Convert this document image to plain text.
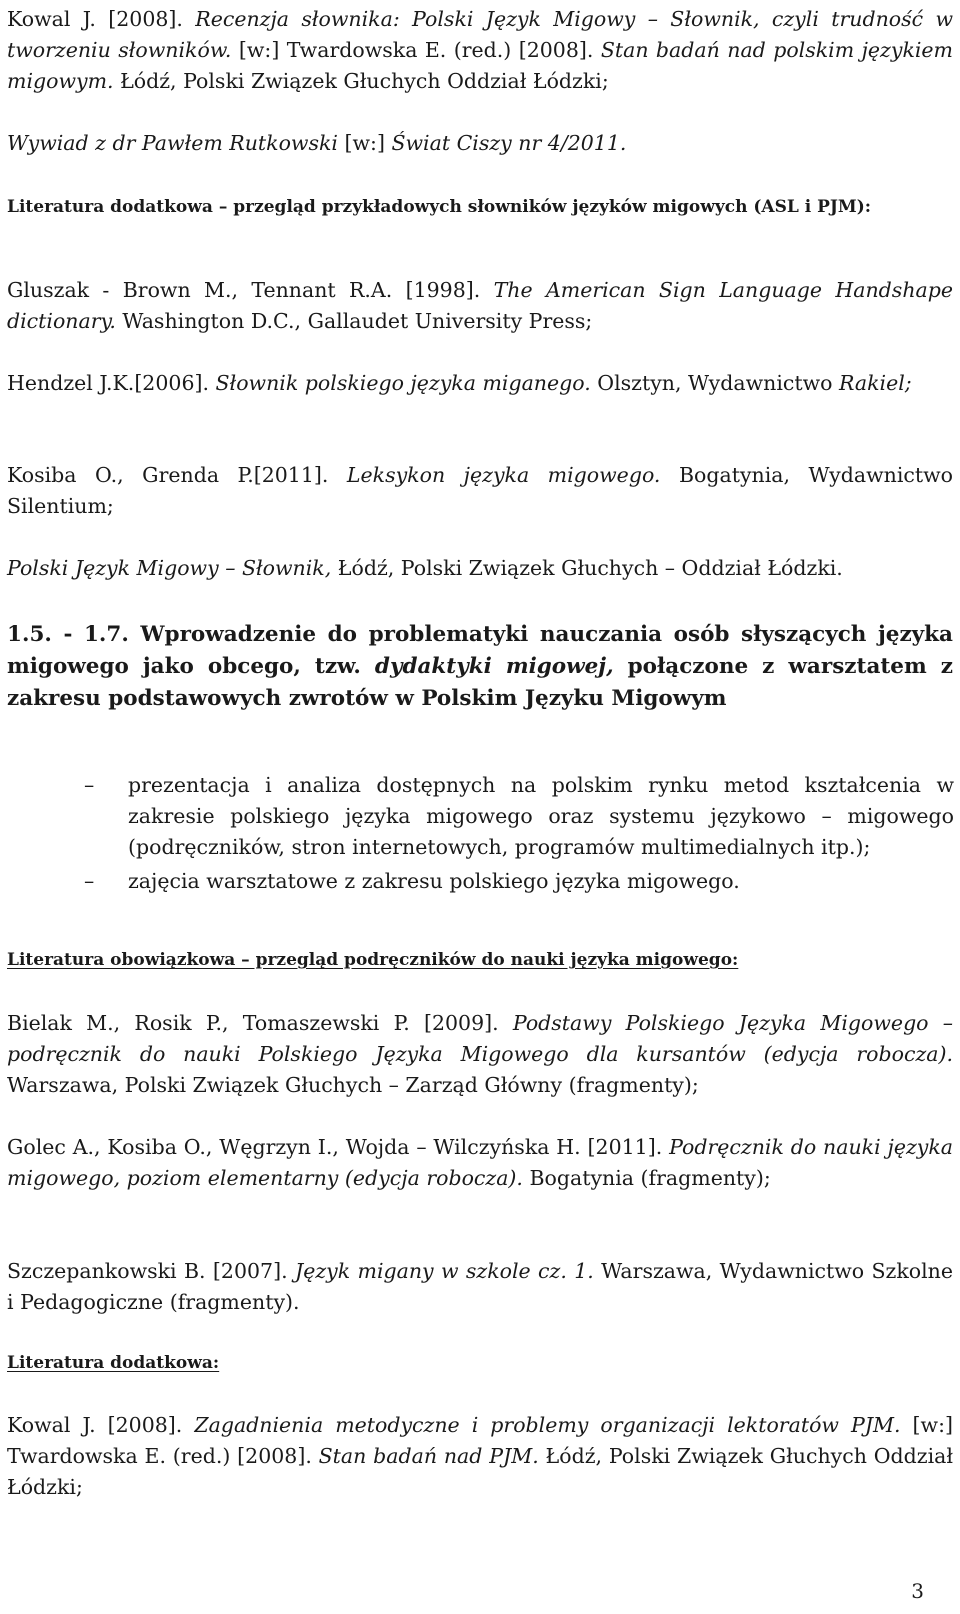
Kowal J. [2008]. Recenzja słownika: Polski Język Migowy – Słownik, czyli trudność w tworzeniu słowników. [w:] Twardowska E. (red.) [2008]. Stan badań nad polskim językiem migowym. Łódź, Polski Związek Głuchych Oddział Łódzki;

Wywiad z dr Pawłem Rutkowski [w:] Świat Ciszy nr 4/2011.

Literatura dodatkowa – przegląd przykładowych słowników języków migowych (ASL i PJM):

Gluszak - Brown M., Tennant R.A. [1998]. The American Sign Language Handshape dictionary. Washington D.C., Gallaudet University Press;

Hendzel J.K.[2006]. Słownik polskiego języka miganego. Olsztyn, Wydawnictwo Rakiel;

Kosiba O., Grenda P.[2011]. Leksykon języka migowego. Bogatynia, Wydawnictwo Silentium;

Polski Język Migowy – Słownik, Łódź, Polski Związek Głuchych – Oddział Łódzki.

1.5. - 1.7. Wprowadzenie do problematyki nauczania osób słyszących języka migowego jako obcego, tzw. dydaktyki migowej, połączone z warsztatem z zakresu podstawowych zwrotów w Polskim Języku Migowym

– prezentacja i analiza dostępnych na polskim rynku metod kształcenia w zakresie polskiego języka migowego oraz systemu językowo – migowego (podręczników, stron internetowych, programów multimedialnych itp.);

– zajęcia warsztatowe z zakresu polskiego języka migowego.

Literatura obowiązkowa – przegląd podręczników do nauki języka migowego:

Bielak M., Rosik P., Tomaszewski P. [2009]. Podstawy Polskiego Języka Migowego – podręcznik do nauki Polskiego Języka Migowego dla kursantów (edycja robocza). Warszawa, Polski Związek Głuchych – Zarząd Główny (fragmenty);

Golec A., Kosiba O., Węgrzyn I., Wojda – Wilczyńska H. [2011]. Podręcznik do nauki języka migowego, poziom elementarny (edycja robocza). Bogatynia (fragmenty);

Szczepankowski B. [2007]. Język migany w szkole cz. 1. Warszawa, Wydawnictwo Szkolne i Pedagogiczne (fragmenty).

Literatura dodatkowa:

Kowal J. [2008]. Zagadnienia metodyczne i problemy organizacji lektoratów PJM. [w:] Twardowska E. (red.) [2008]. Stan badań nad PJM. Łódź, Polski Związek Głuchych Oddział Łódzki;

3
